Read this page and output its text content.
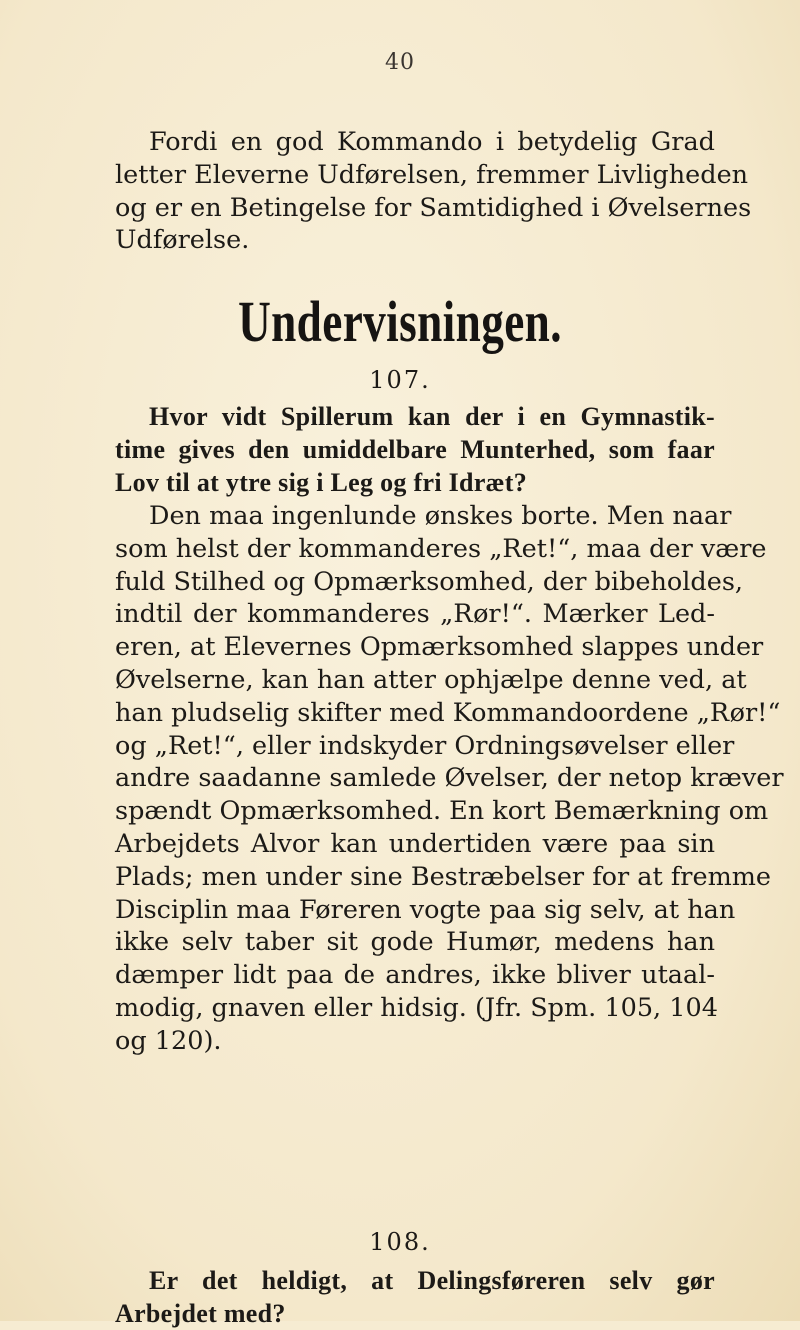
40
Fordi en god Kommando i betydelig Grad
letter Eleverne Udførelsen, fremmer Livligheden
og er en Betingelse for Samtidighed i Øvelsernes
Udførelse.
Undervisningen.
107.
Hvor vidt Spillerum kan der i en Gymnastik-
time gives den umiddelbare Munterhed, som faar
Lov til at ytre sig i Leg og fri Idræt?
Den maa ingenlunde ønskes borte. Men naar
som helst der kommanderes „Ret!“, maa der være
fuld Stilhed og Opmærksomhed, der bibeholdes,
indtil der kommanderes „Rør!“. Mærker Led-
eren, at Elevernes Opmærksomhed slappes under
Øvelserne, kan han atter ophjælpe denne ved, at
han pludselig skifter med Kommandoordene „Rør!“
og „Ret!“, eller indskyder Ordningsøvelser eller
andre saadanne samlede Øvelser, der netop kræver
spændt Opmærksomhed. En kort Bemærkning om
Arbejdets Alvor kan undertiden være paa sin
Plads; men under sine Bestræbelser for at fremme
Disciplin maa Føreren vogte paa sig selv, at han
ikke selv taber sit gode Humør, medens han
dæmper lidt paa de andres, ikke bliver utaal-
modig, gnaven eller hidsig. (Jfr. Spm. 105, 104
og 120).
108.
Er det heldigt, at Delingsføreren selv gør
Arbejdet med?
